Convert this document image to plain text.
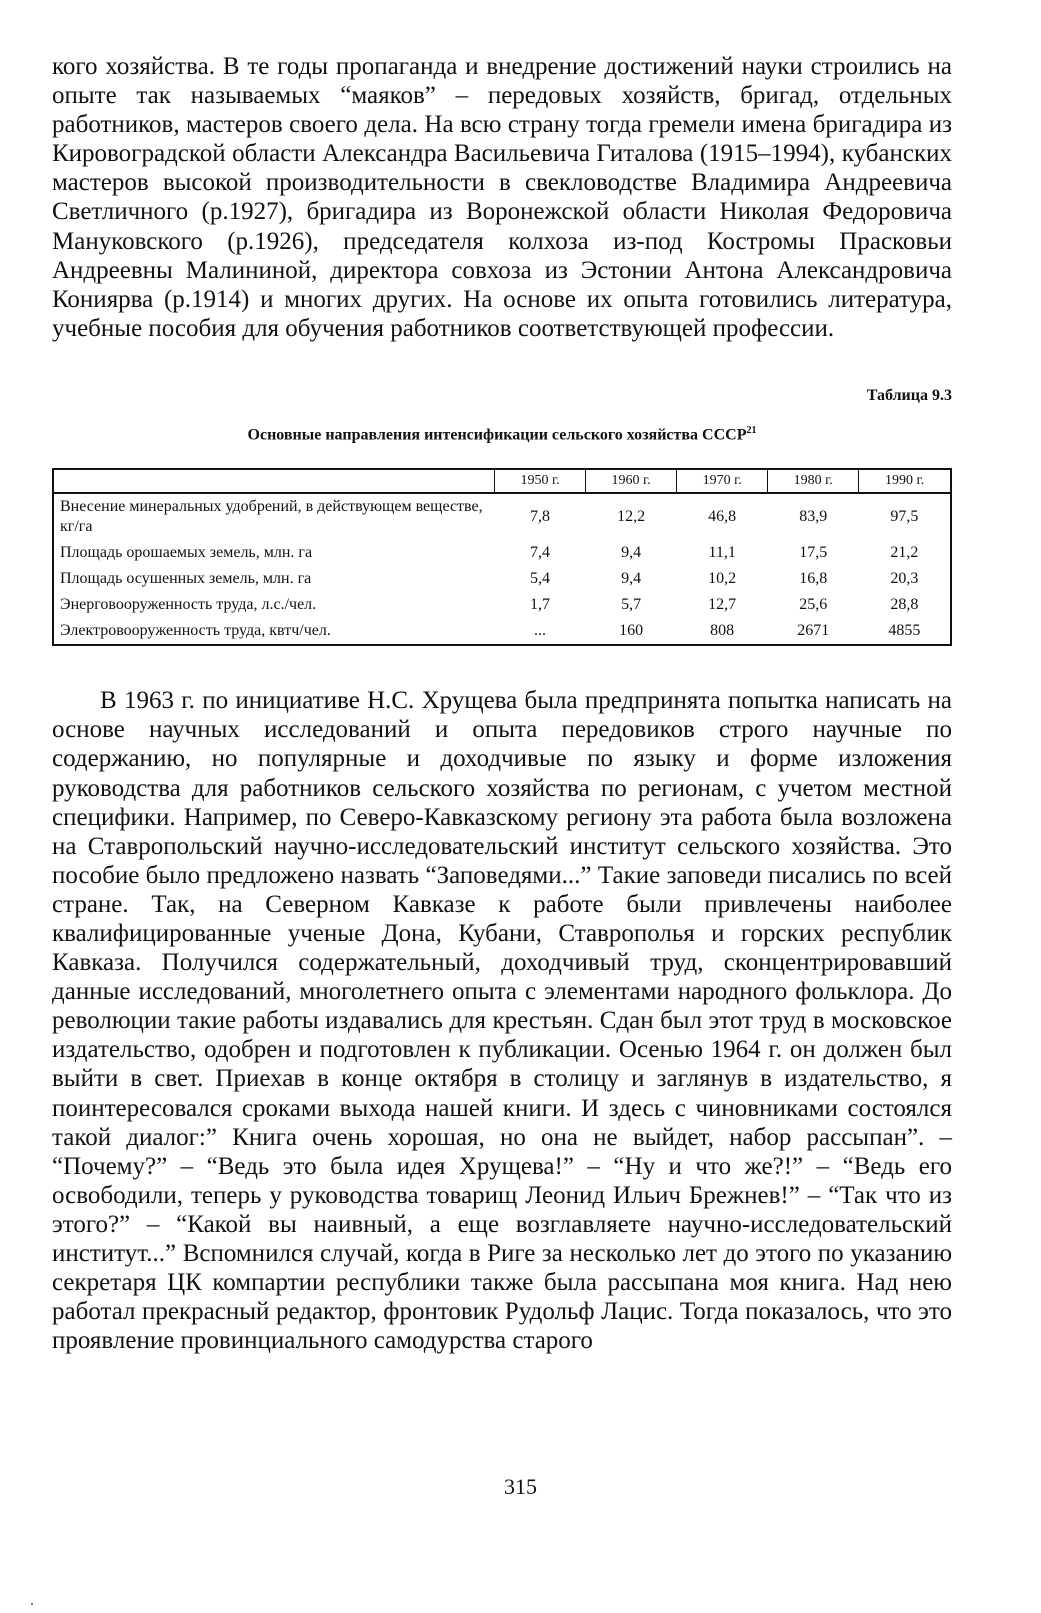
кого хозяйства. В те годы пропаганда и внедрение достижений науки строились на опыте так называемых “маяков” – передовых хозяйств, бригад, отдельных работников, мастеров своего дела. На всю страну тогда гремели имена бригадира из Кировоградской области Александра Васильевича Гиталова (1915–1994), кубанских мастеров высокой производительности в свекловодстве Владимира Андреевича Светличного (р.1927), бригадира из Воронежской области Николая Федоровича Мануковского (р.1926), председателя колхоза из-под Костромы Прасковьи Андреевны Малининой, директора совхоза из Эстонии Антона Александровича Конияpва (р.1914) и многих других. На основе их опыта готовились литература, учебные пособия для обучения работников соответствующей профессии.

Таблица 9.3
Основные направления интенсификации сельского хозяйства СССР$^{21}$
	1950 г.	1960 г.	1970 г.	1980 г.	1990 г.
Внесение минеральных удобрений, в действующем веществе, кг/га	7,8	12,2	46,8	83,9	97,5
Площадь орошаемых земель, млн. га	7,4	9,4	11,1	17,5	21,2
Площадь осушенных земель, млн. га	5,4	9,4	10,2	16,8	20,3
Энерговооруженность труда, л.с./чел.	1,7	5,7	12,7	25,6	28,8
Электровооруженность труда, квтч/чел.	...	160	808	2671	4855

В 1963 г. по инициативе Н.С. Хрущева была предпринята попытка написать на основе научных исследований и опыта передовиков строго научные по содержанию, но популярные и доходчивые по языку и форме изложения руководства для работников сельского хозяйства по регионам, с учетом местной специфики. Например, по Северо-Кавказскому региону эта работа была возложена на Ставропольский научно-исследовательский институт сельского хозяйства. Это пособие было предложено назвать “Заповедями...” Такие заповеди писались по всей стране. Так, на Северном Кавказе к работе были привлечены наиболее квалифицированные ученые Дона, Кубани, Ставрополья и горских республик Кавказа. Получился содержательный, доходчивый труд, сконцентрировавший данные исследований, многолетнего опыта с элементами народного фольклора. До революции такие работы издавались для крестьян. Сдан был этот труд в московское издательство, одобрен и подготовлен к публикации. Осенью 1964 г. он должен был выйти в свет. Приехав в конце октября в столицу и заглянув в издательство, я поинтересовался сроками выхода нашей книги. И здесь с чиновниками состоялся такой диалог:” Книга очень хорошая, но она не выйдет, набор рассыпан”. – “Почему?” – “Ведь это была идея Хрущева!” – “Ну и что же?!” – “Ведь его освободили, теперь у руководства товарищ Леонид Ильич Брежнев!” – “Так что из этого?” – “Какой вы наивный, а еще возглавляете научно-исследовательский институт...” Вспомнился случай, когда в Риге за несколько лет до этого по указанию секретаря ЦК компартии республики также была рассыпана моя книга. Над нею работал прекрасный редактор, фронтовик Рудольф Лацис. Тогда показалось, что это проявление провинциального самодурства старого

315
.
